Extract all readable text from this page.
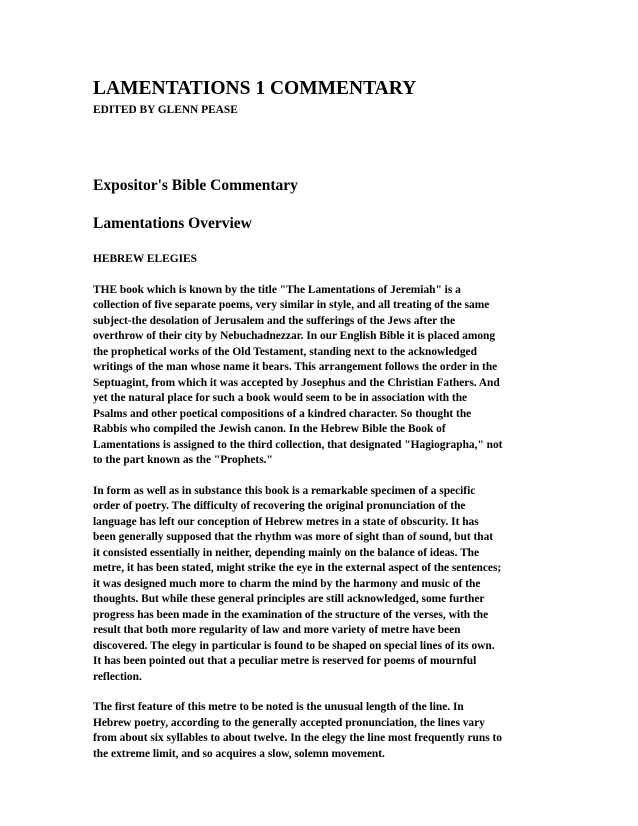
LAMENTATIONS 1 COMMENTARY
EDITED BY GLENN PEASE
Expositor's Bible Commentary
Lamentations Overview
HEBREW ELEGIES

THE book which is known by the title "The Lamentations of Jeremiah" is a
collection of five separate poems, very similar in style, and all treating of the same
subject-the desolation of Jerusalem and the sufferings of the Jews after the
overthrow of their city by Nebuchadnezzar. In our English Bible it is placed among
the prophetical works of the Old Testament, standing next to the acknowledged
writings of the man whose name it bears. This arrangement follows the order in the
Septuagint, from which it was accepted by Josephus and the Christian Fathers. And
yet the natural place for such a book would seem to be in association with the
Psalms and other poetical compositions of a kindred character. So thought the
Rabbis who compiled the Jewish canon. In the Hebrew Bible the Book of
Lamentations is assigned to the third collection, that designated "Hagiographa," not
to the part known as the "Prophets."

In form as well as in substance this book is a remarkable specimen of a specific
order of poetry. The difficulty of recovering the original pronunciation of the
language has left our conception of Hebrew metres in a state of obscurity. It has
been generally supposed that the rhythm was more of sight than of sound, but that
it consisted essentially in neither, depending mainly on the balance of ideas. The
metre, it has been stated, might strike the eye in the external aspect of the sentences;
it was designed much more to charm the mind by the harmony and music of the
thoughts. But while these general principles are still acknowledged, some further
progress has been made in the examination of the structure of the verses, with the
result that both more regularity of law and more variety of metre have been
discovered. The elegy in particular is found to be shaped on special lines of its own.
It has been pointed out that a peculiar metre is reserved for poems of mournful
reflection.

The first feature of this metre to be noted is the unusual length of the line. In
Hebrew poetry, according to the generally accepted pronunciation, the lines vary
from about six syllables to about twelve. In the elegy the line most frequently runs to
the extreme limit, and so acquires a slow, solemn movement.
